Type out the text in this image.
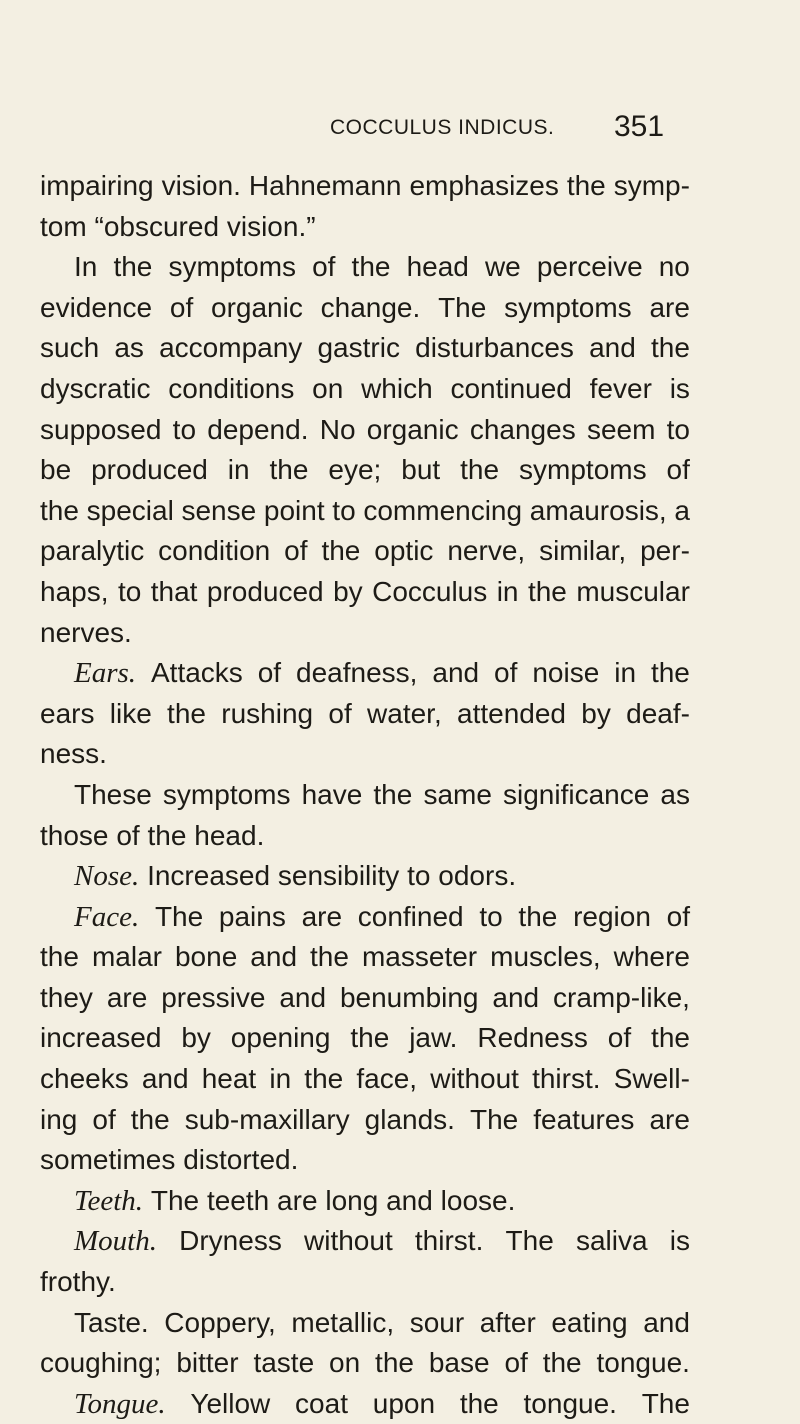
COCCULUS INDICUS. 351
impairing vision. Hahnemann emphasizes the symp-
tom “obscured vision.”
In the symptoms of the head we perceive no
evidence of organic change. The symptoms are
such as accompany gastric disturbances and the
dyscratic conditions on which continued fever is
supposed to depend. No organic changes seem to
be produced in the eye; but the symptoms of
the special sense point to commencing amaurosis, a
paralytic condition of the optic nerve, similar, per-
haps, to that produced by Cocculus in the muscular
nerves.
Ears. Attacks of deafness, and of noise in the
ears like the rushing of water, attended by deaf-
ness.
These symptoms have the same significance as
those of the head.
Nose. Increased sensibility to odors.
Face. The pains are confined to the region of
the malar bone and the masseter muscles, where
they are pressive and benumbing and cramp-like,
increased by opening the jaw. Redness of the
cheeks and heat in the face, without thirst. Swell-
ing of the sub-maxillary glands. The features are
sometimes distorted.
Teeth. The teeth are long and loose.
Mouth. Dryness without thirst. The saliva is
frothy.
Taste. Coppery, metallic, sour after eating and
coughing; bitter taste on the base of the tongue.
Tongue. Yellow coat upon the tongue. The
